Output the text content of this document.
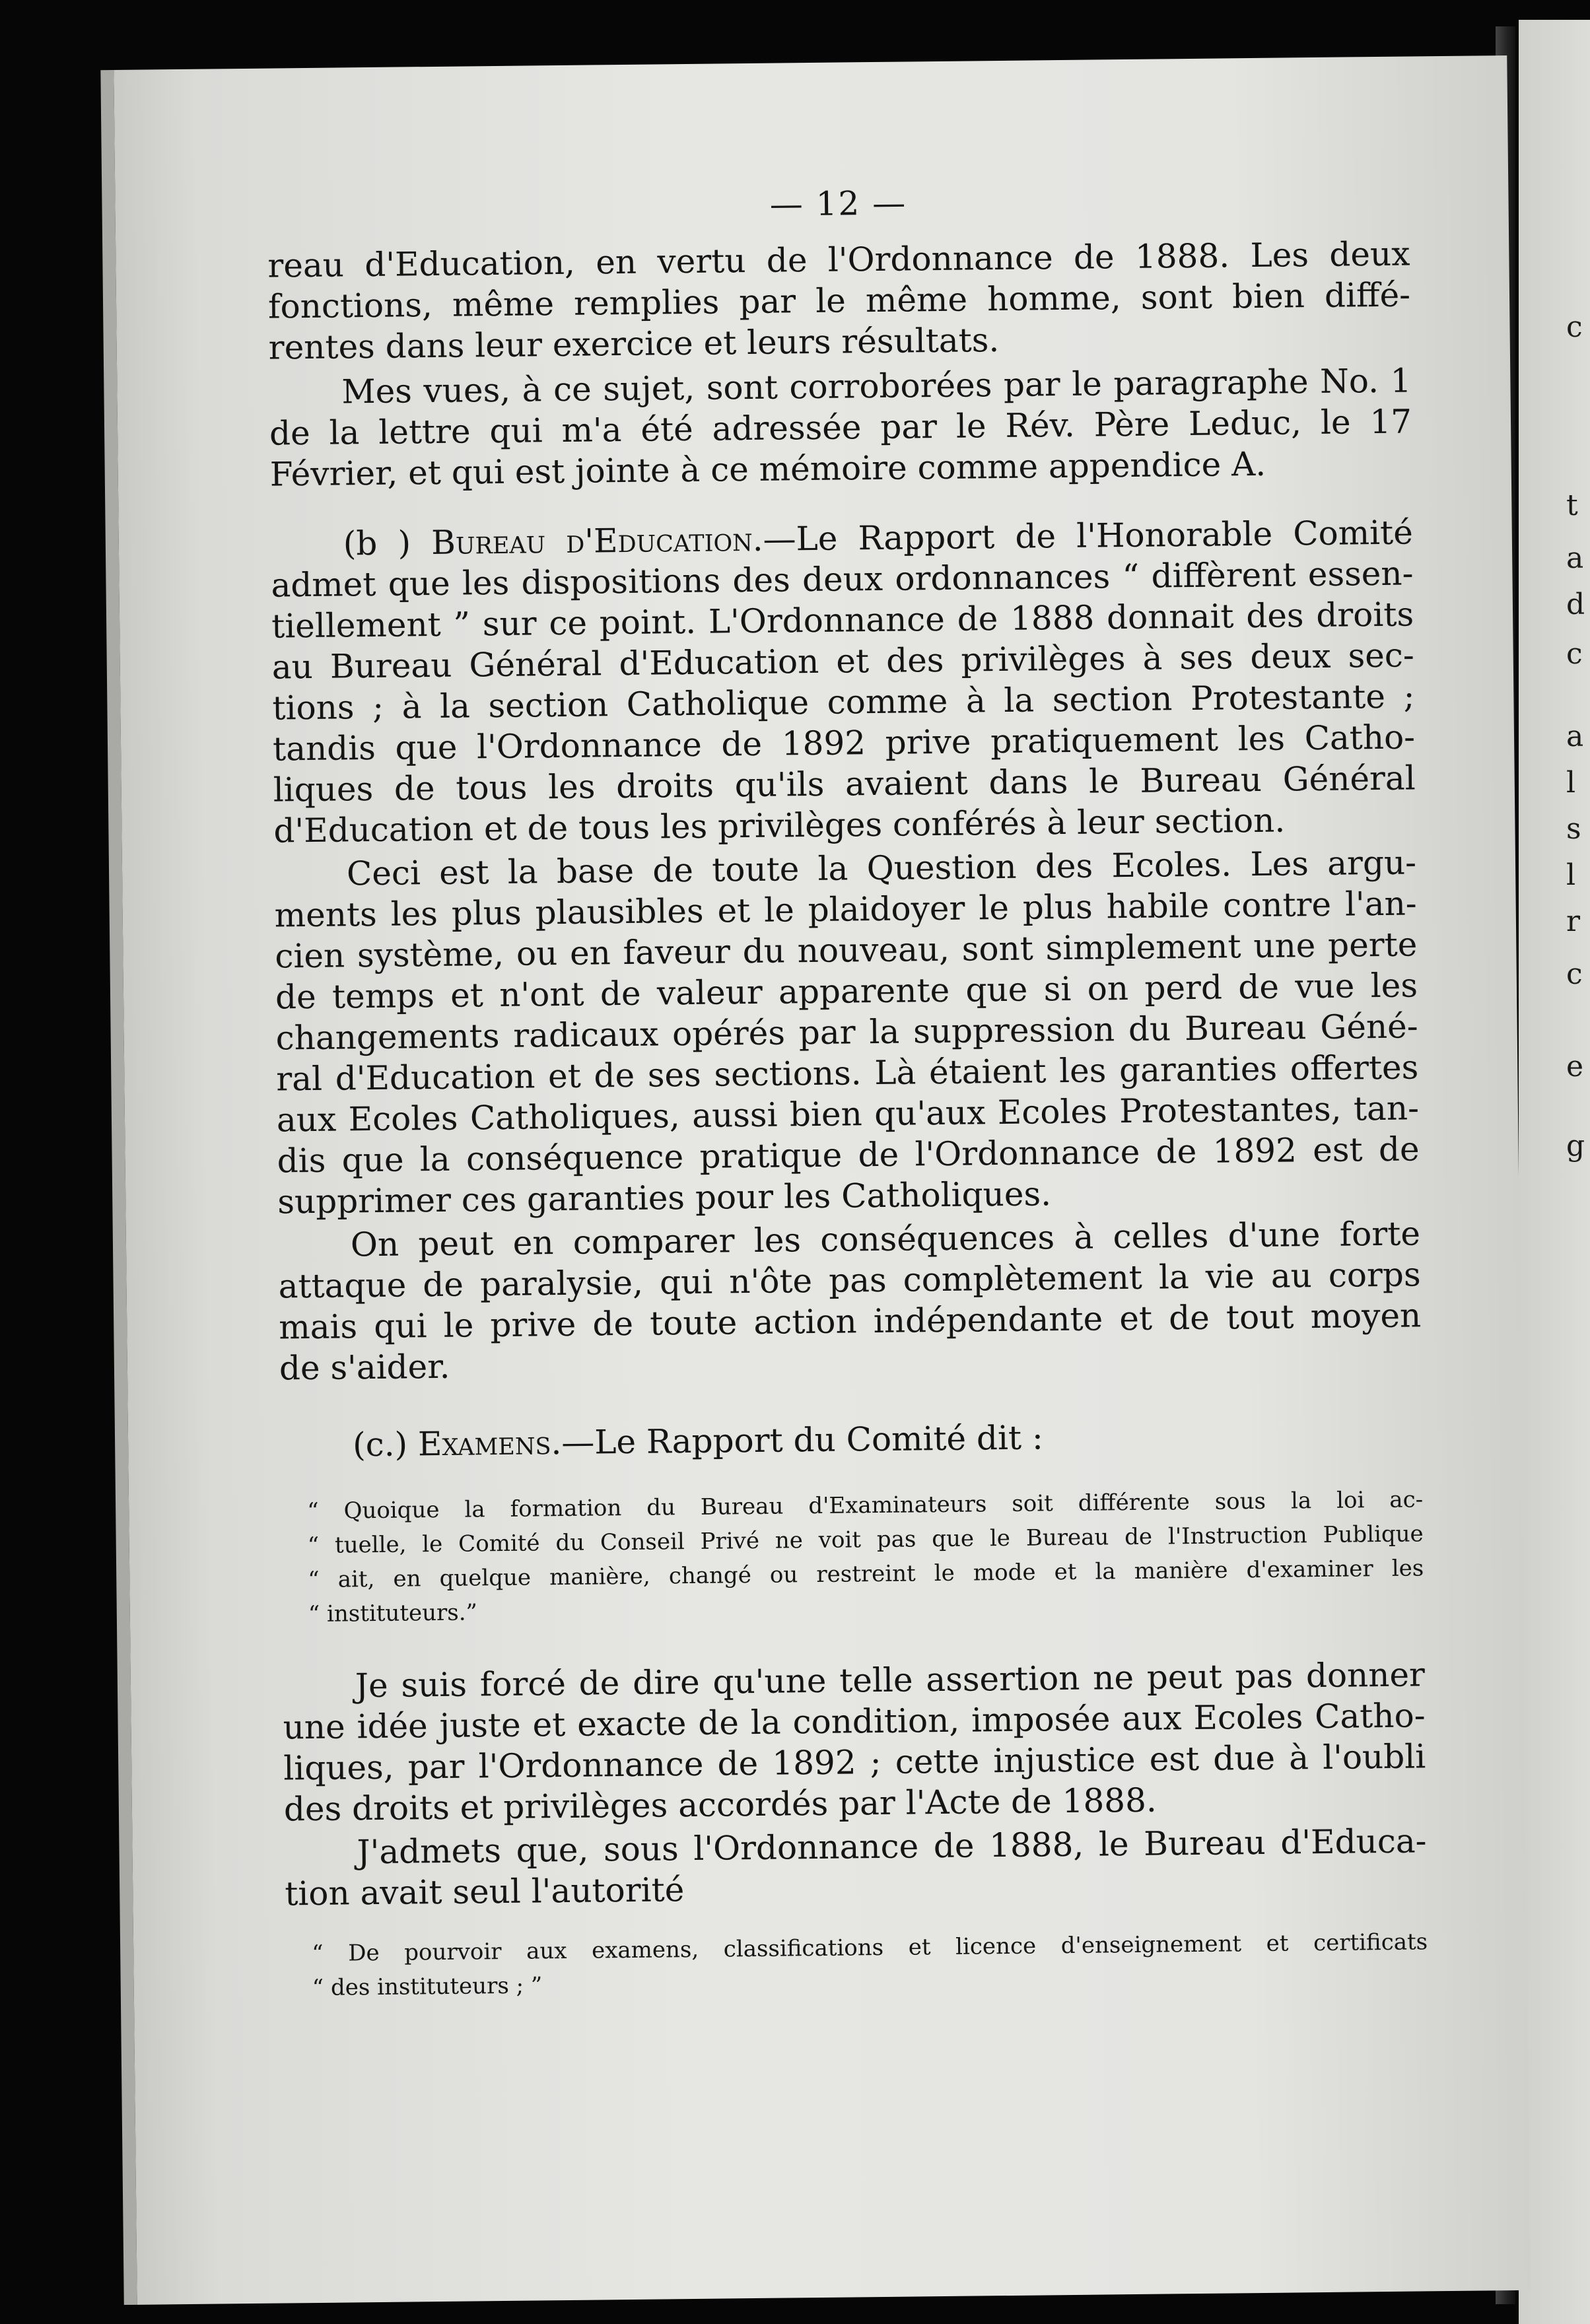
c
t
a
d
c
a
l
s
l
r
c
e
g
— 12 —
reau d'Education, en vertu de l'Ordonnance de 1888. Les deux
fonctions, même remplies par le même homme, sont bien diffé-
rentes dans leur exercice et leurs résultats.
Mes vues, à ce sujet, sont corroborées par le paragraphe No. 1
de la lettre qui m'a été adressée par le Rév. Père Leduc, le 17
Février, et qui est jointe à ce mémoire comme appendice A.
(b ) Bureau d'Education.—Le Rapport de l'Honorable Comité
admet que les dispositions des deux ordonnances “ diffèrent essen-
tiellement ” sur ce point. L'Ordonnance de 1888 donnait des droits
au Bureau Général d'Education et des privilèges à ses deux sec-
tions ; à la section Catholique comme à la section Protestante ;
tandis que l'Ordonnance de 1892 prive pratiquement les Catho-
liques de tous les droits qu'ils avaient dans le Bureau Général
d'Education et de tous les privilèges conférés à leur section.
Ceci est la base de toute la Question des Ecoles. Les argu-
ments les plus plausibles et le plaidoyer le plus habile contre l'an-
cien système, ou en faveur du nouveau, sont simplement une perte
de temps et n'ont de valeur apparente que si on perd de vue les
changements radicaux opérés par la suppression du Bureau Géné-
ral d'Education et de ses sections. Là étaient les garanties offertes
aux Ecoles Catholiques, aussi bien qu'aux Ecoles Protestantes, tan-
dis que la conséquence pratique de l'Ordonnance de 1892 est de
supprimer ces garanties pour les Catholiques.
On peut en comparer les conséquences à celles d'une forte
attaque de paralysie, qui n'ôte pas complètement la vie au corps
mais qui le prive de toute action indépendante et de tout moyen
de s'aider.
(c.) Examens.—Le Rapport du Comité dit :
“ Quoique la formation du Bureau d'Examinateurs soit différente sous la loi ac-
“ tuelle, le Comité du Conseil Privé ne voit pas que le Bureau de l'Instruction Publique
“ ait, en quelque manière, changé ou restreint le mode et la manière d'examiner les
“ instituteurs.”
Je suis forcé de dire qu'une telle assertion ne peut pas donner
une idée juste et exacte de la condition, imposée aux Ecoles Catho-
liques, par l'Ordonnance de 1892 ; cette injustice est due à l'oubli
des droits et privilèges accordés par l'Acte de 1888.
J'admets que, sous l'Ordonnance de 1888, le Bureau d'Educa-
tion avait seul l'autorité
“ De pourvoir aux examens, classifications et licence d'enseignement et certificats
“ des instituteurs ; ”
